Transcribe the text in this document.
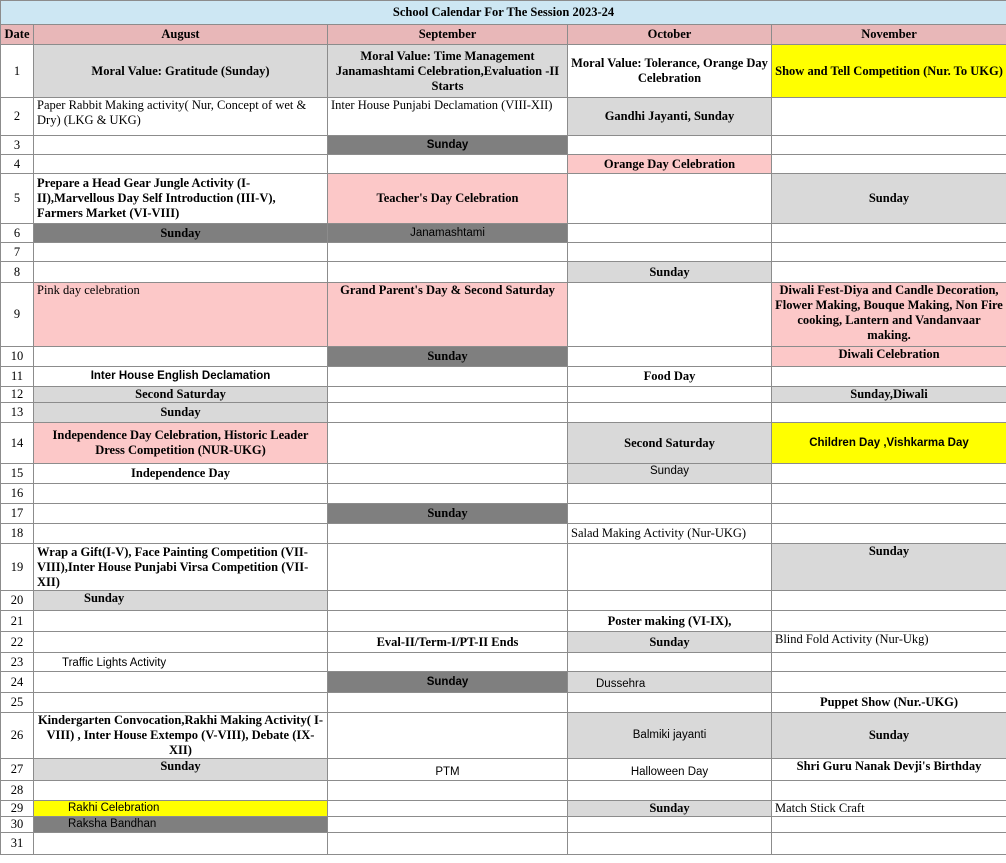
School Calendar For The Session 2023-24				
Date	August	September	October	November
1	Moral Value: Gratitude (Sunday)	Moral Value: Time Management Janamashtami Celebration,Evaluation -II Starts	Moral Value: Tolerance, Orange Day Celebration	Show and Tell Competition (Nur. To UKG)
2	Paper Rabbit Making activity( Nur, Concept of wet & Dry) (LKG & UKG)	Inter House Punjabi Declamation (VIII-XII)	Gandhi Jayanti, Sunday	
3		Sunday		
4			Orange Day Celebration	
5	Prepare a Head Gear Jungle Activity (I-II),Marvellous Day Self Introduction (III-V), Farmers Market (VI-VIII)	Teacher's Day Celebration		Sunday
6	Sunday	Janamashtami		
7				
8			Sunday	
9	Pink day celebration	Grand Parent's Day & Second Saturday		Diwali Fest-Diya and Candle Decoration, Flower Making, Bouque Making, Non Fire cooking, Lantern and Vandanvaar making.
10		Sunday		Diwali Celebration
11	Inter House English Declamation		Food Day	
12	Second Saturday			Sunday,Diwali
13	Sunday			
14	Independence Day Celebration, Historic Leader Dress Competition (NUR-UKG)		Second Saturday	Children Day ,Vishkarma Day
15	Independence Day		Sunday	
16				
17		Sunday		
18			Salad Making Activity (Nur-UKG)	
19	Wrap a Gift(I-V), Face Painting Competition (VII-VIII),Inter House Punjabi Virsa Competition (VII-XII)			Sunday
20	Sunday			
21			Poster making (VI-IX),	
22		Eval-II/Term-I/PT-II Ends	Sunday	Blind Fold Activity (Nur-Ukg)
23	Traffic Lights Activity			
24		Sunday	Dussehra	
25				Puppet Show (Nur.-UKG)
26	Kindergarten Convocation,Rakhi Making Activity( I-VIII) , Inter House Extempo (V-VIII), Debate (IX-XII)		Balmiki jayanti	Sunday
27	Sunday	PTM	Halloween Day	Shri Guru Nanak Devji's Birthday
28				
29	Rakhi Celebration		Sunday	Match Stick Craft
30	Raksha Bandhan			
31				
